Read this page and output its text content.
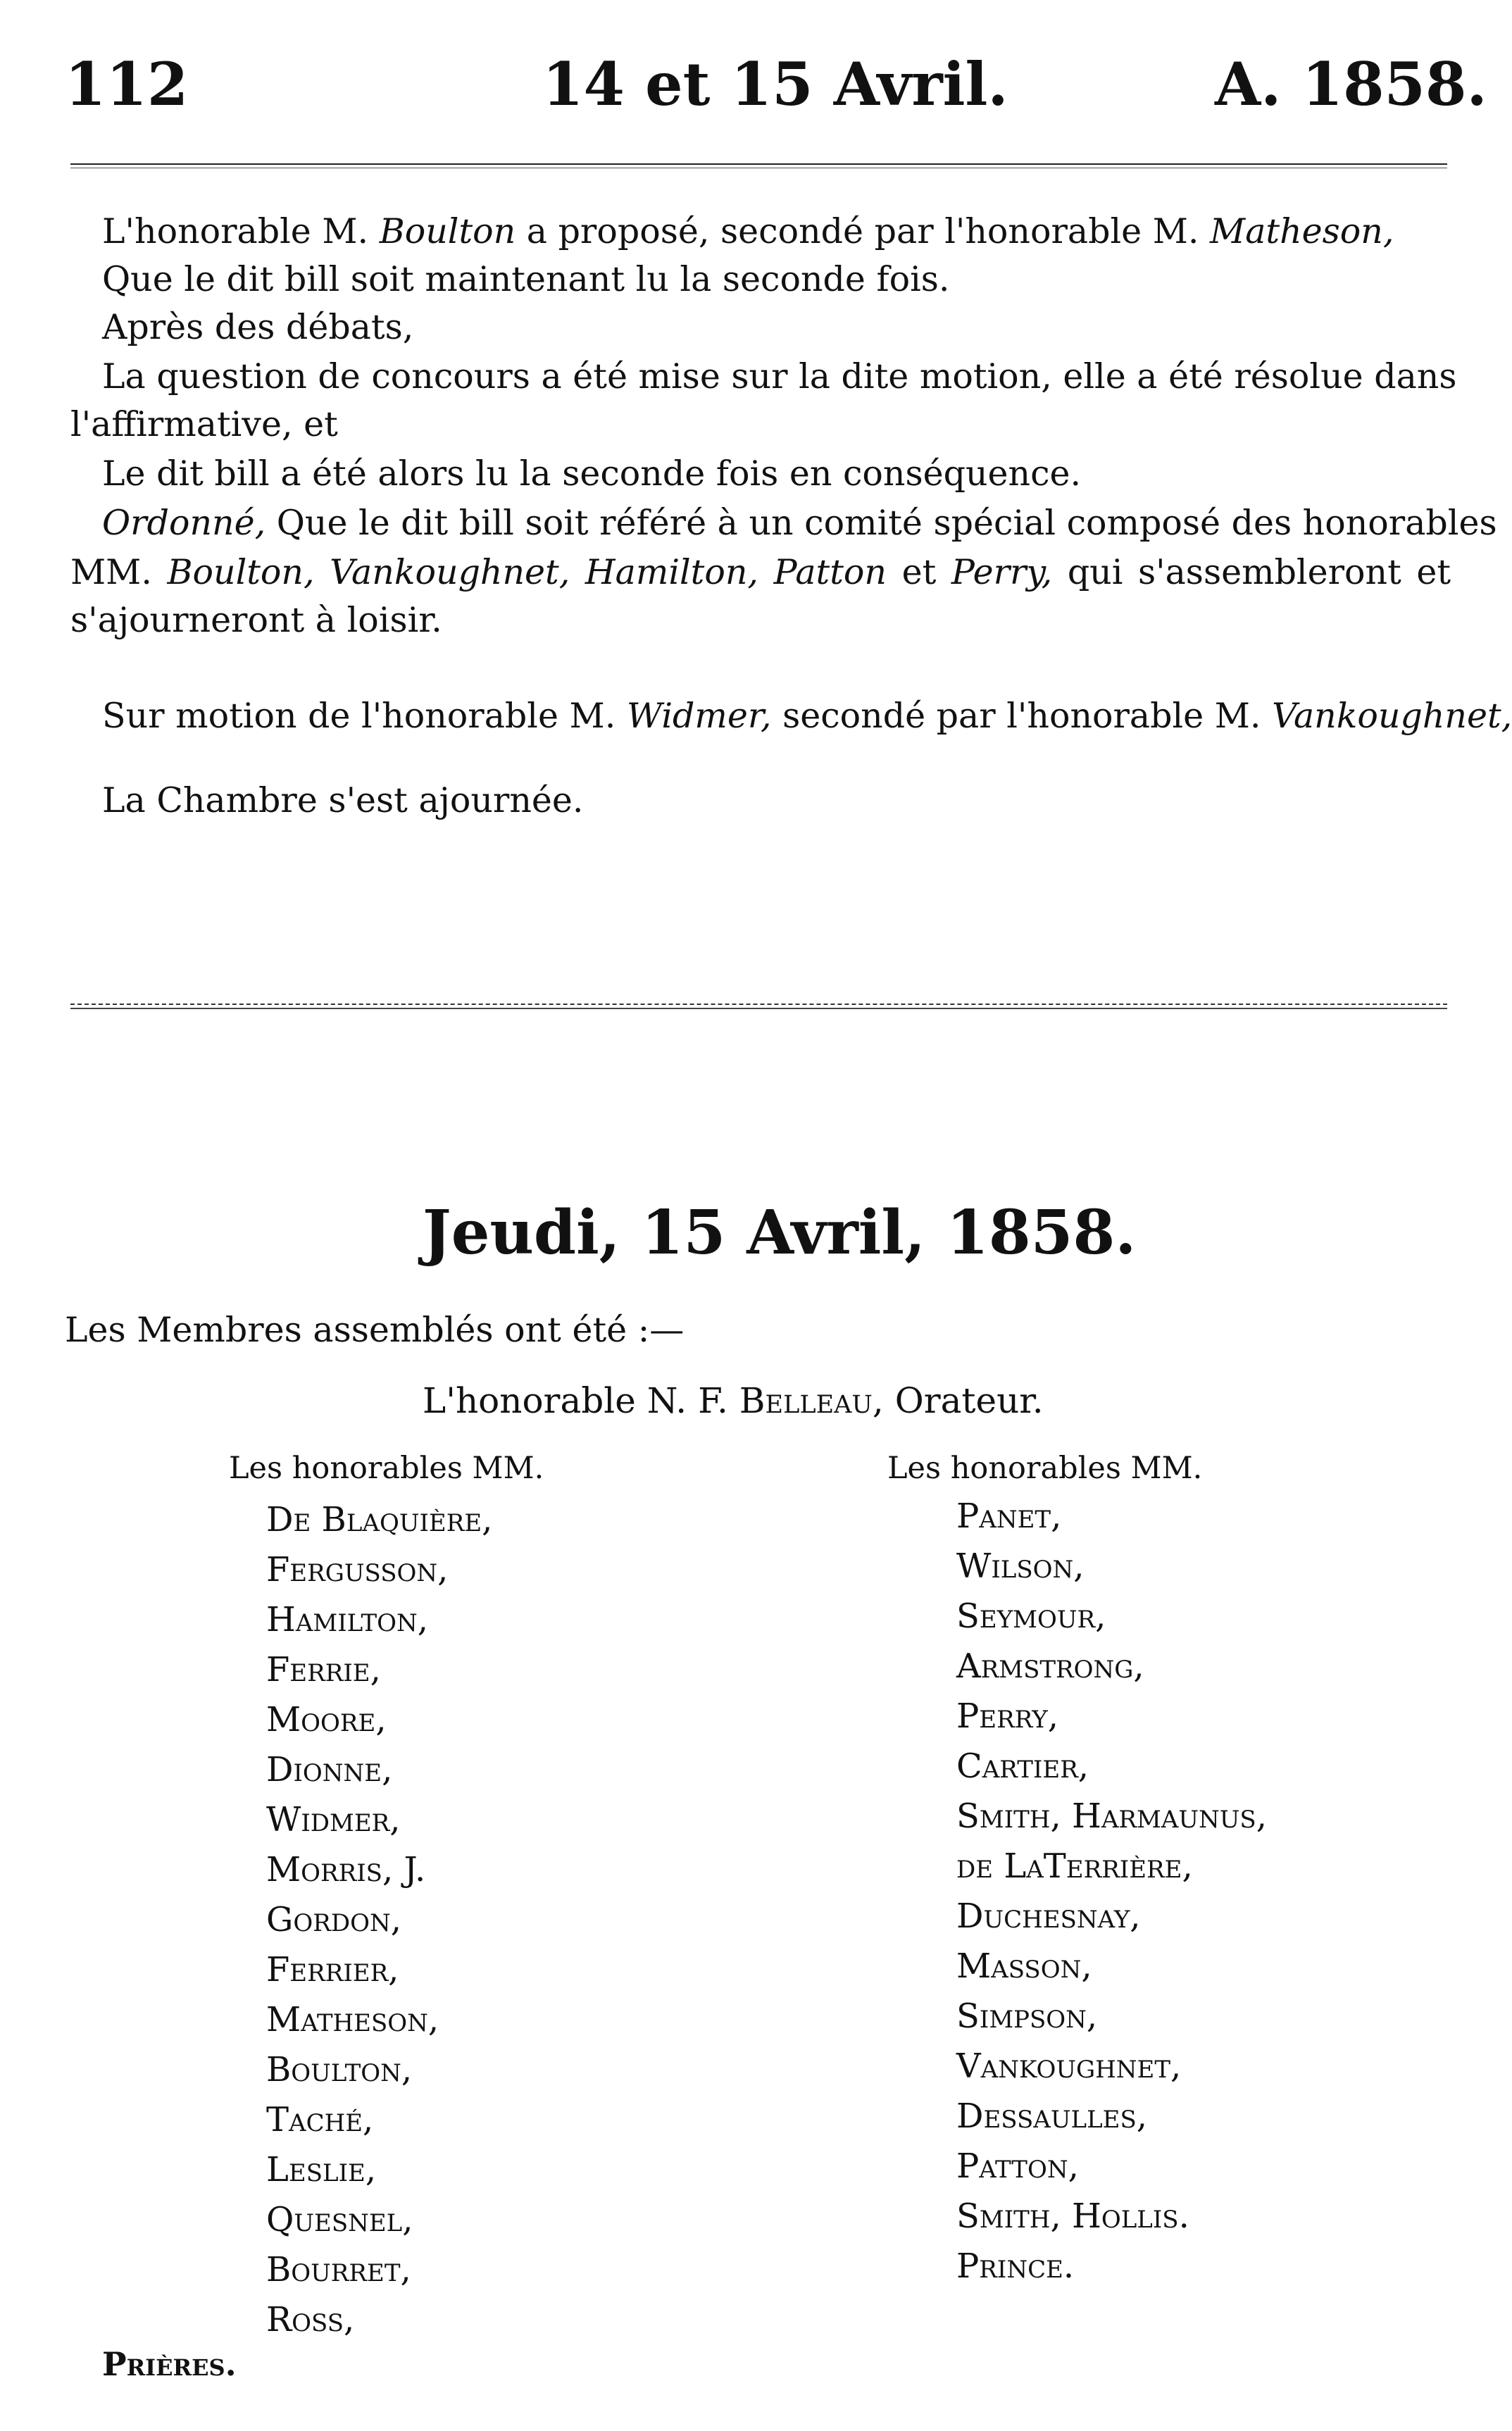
112	14 et 15 Avril.	A. 1858.
L'honorable M. Boulton a proposé, secondé par l'honorable M. Matheson,
Que le dit bill soit maintenant lu la seconde fois.
Après des débats,
La question de concours a été mise sur la dite motion, elle a été résolue dans
l'affirmative, et
Le dit bill a été alors lu la seconde fois en conséquence.
Ordonné, Que le dit bill soit référé à un comité spécial composé des honorables
MM. Boulton, Vankoughnet, Hamilton, Patton et Perry, qui s'assembleront et
s'ajourneront à loisir.
Sur motion de l'honorable M. Widmer, secondé par l'honorable M. Vankoughnet,
La Chambre s'est ajournée.
Jeudi, 15 Avril, 1858.
Les Membres assemblés ont été :—
L'honorable N. F. Belleau, Orateur.
Les honorables MM.	Les honorables MM.
De Blaquière,
Fergusson,
Hamilton,
Ferrie,
Moore,
Dionne,
Widmer,
Morris, J.
Gordon,
Ferrier,
Matheson,
Boulton,
Taché,
Leslie,
Quesnel,
Bourret,
Ross,
Panet,
Wilson,
Seymour,
Armstrong,
Perry,
Cartier,
Smith, Harmaunus,
de LaTerrière,
Duchesnay,
Masson,
Simpson,
Vankoughnet,
Dessaulles,
Patton,
Smith, Hollis.
Prince.
Prières.
